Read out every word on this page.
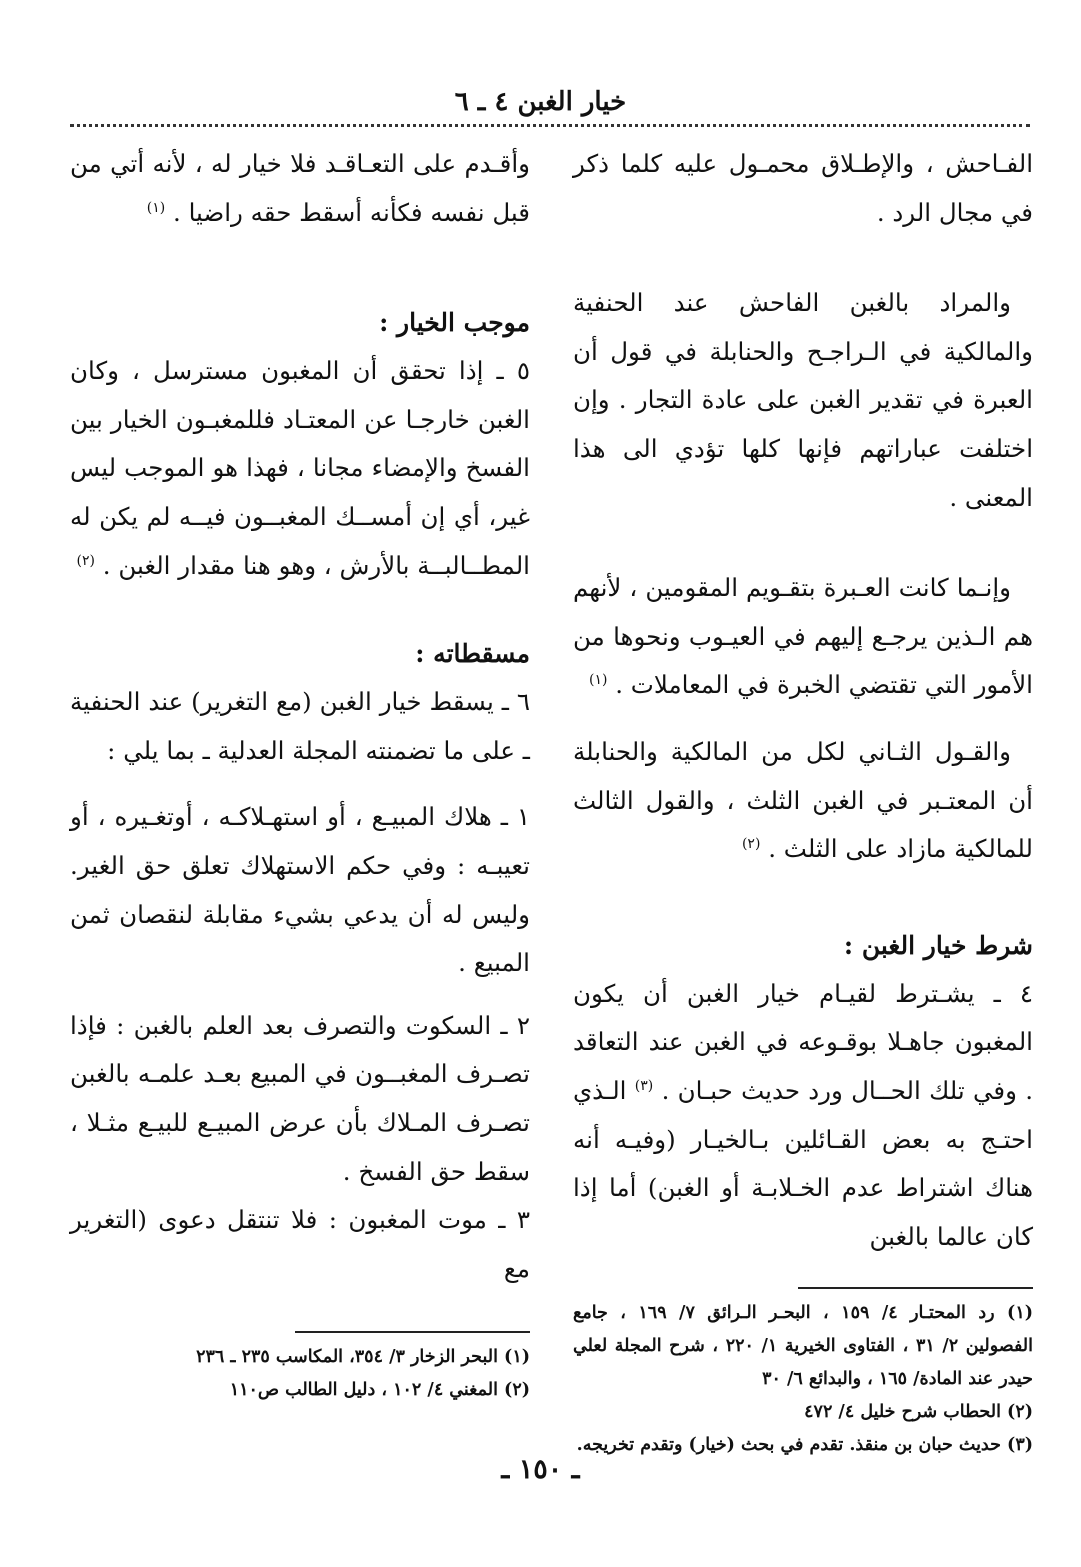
خيار الغبن ٤ ـ ٦

الفـاحش ، والإطـلاق محمـول عليه كلما ذكر في مجال الرد .

والمراد بالغبن الفاحش عند الحنفية والمالكية في الـراجـح والحنابلة في قول أن العبرة في تقدير الغبن على عادة التجار . وإن اختلفت عباراتهم فإنها كلها تؤدي الى هذا المعنى .

وإنـما كانت العـبرة بتقـويم المقومين ، لأنهم هم الـذين يرجـع إليهم في العيـوب ونحوها من الأمور التي تقتضي الخبرة في المعاملات . $^{(١)}$

والقـول الثـاني لكل من المالكية والحنابلة أن المعتـبر في الغبن الثلث ، والقول الثالث للمالكية مازاد على الثلث . $^{(٢)}$

شرط خيار الغبن :

٤ ـ يشـترط لقيـام خيار الغبن أن يكون المغبون جاهـلا بوقـوعه في الغبن عند التعاقد . وفي تلك الحــال ورد حديث حبـان . $^{(٣)}$ الـذي احتـج به بعض القـائلين بـالخيـار (وفيـه أنه هناك اشتراط عدم الخـلابـة أو الغبن) أما إذا كان عالما بالغبن

(١) رد المحتـار ٤/ ١٥٩ ، البحـر الـرائق ٧/ ١٦٩ ، جامع الفصولين ٢/ ٣١ ، الفتاوى الخيرية ١/ ٢٢٠ ، شرح المجلة لعلي حيدر عند المادة/ ١٦٥ ، والبدائع ٦/ ٣٠

(٢) الحطاب شرح خليل ٤/ ٤٧٢

(٣) حديث حبان بن منقذ. تقدم في بحث (خيار) وتقدم تخريجه.

وأقـدم على التعـاقـد فلا خيار له ، لأنه أتي من قبل نفسه فكأنه أسقط حقه راضيا . $^{(١)}$

موجب الخيار :

٥ ـ إذا تحقق أن المغبون مسترسل ، وكان الغبن خارجـا عن المعتـاد فللمغبـون الخيار بين الفسخ والإمضاء مجانا ، فهذا هو الموجب ليس غير، أي إن أمســك المغبــون فيــه لم يكن له المطــالبــة بالأرش ، وهو هنا مقدار الغبن . $^{(٢)}$

مسقطاته :

٦ ـ يسقط خيار الغبن (مع التغرير) عند الحنفية ـ على ما تضمنته المجلة العدلية ـ بما يلي :

١ ـ هلاك المبيـع ، أو استهـلاكـه ، أوتغـيره ، أو تعيبـه : وفي حكم الاستهلاك تعلق حق الغير. وليس له أن يدعي بشيء مقابلة لنقصان ثمن المبيع .

٢ ـ السكوت والتصرف بعد العلم بالغبن : فإذا تصـرف المغبــون في المبيع بعـد علمـه بالغبن تصـرف المـلاك بأن عرض المبيـع للبيـع مثـلا ، سقط حق الفسخ .

٣ ـ موت المغبون : فلا تنتقل دعوى (التغرير مع

(١) البحر الزخار ٣/ ٣٥٤، المكاسب ٢٣٥ ـ ٢٣٦

(٢) المغني ٤/ ١٠٢ ، دليل الطالب ص١١٠

ـ ١٥٠ ـ
